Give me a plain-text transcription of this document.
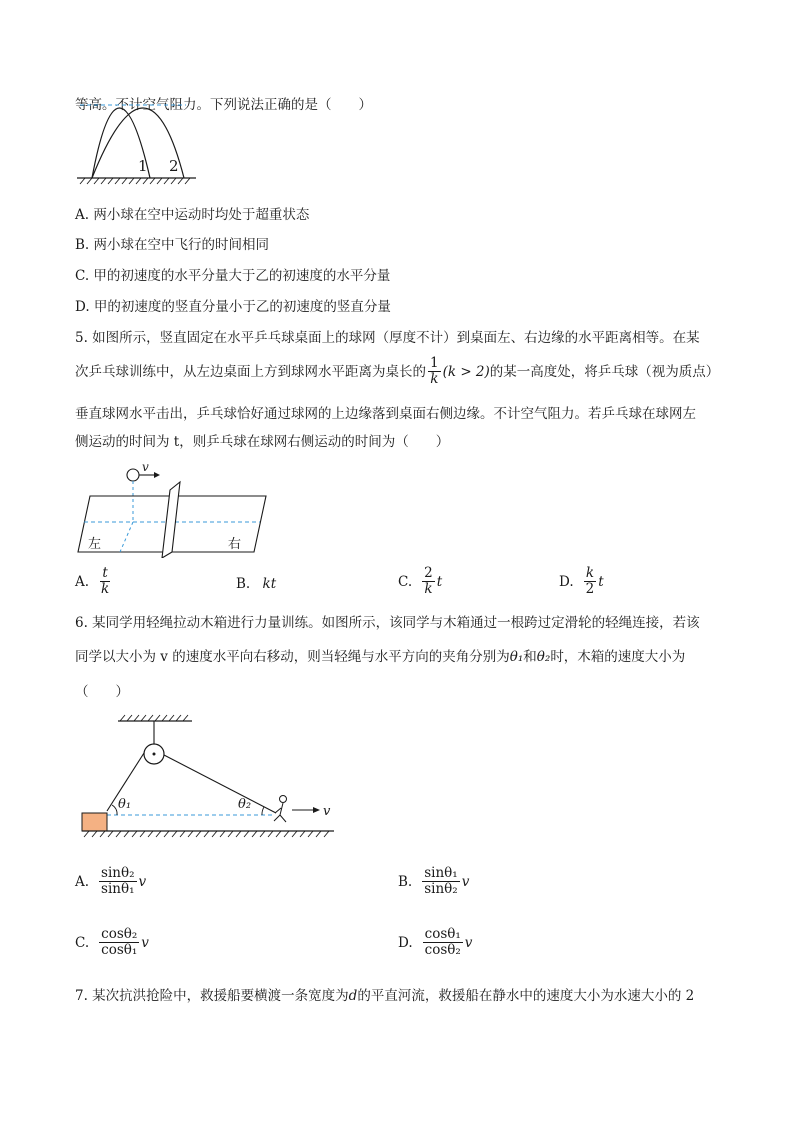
等高。不计空气阻力。下列说法正确的是（　　）
1 2
A. 两小球在空中运动时均处于超重状态
B. 两小球在空中飞行的时间相同
C. 甲的初速度的水平分量大于乙的初速度的水平分量
D. 甲的初速度的竖直分量小于乙的初速度的竖直分量
5. 如图所示，竖直固定在水平乒乓球桌面上的球网（厚度不计）到桌面左、右边缘的水平距离相等。在某
次乒乓球训练中，从左边桌面上方到球网水平距离为桌长的 $\frac{1}{k} (k > 2)$ 的某一高度处，将乒乓球（视为质点）
垂直球网水平击出，乒乓球恰好通过球网的上边缘落到桌面右侧边缘。不计空气阻力。若乒乓球在球网左
侧运动的时间为 t，则乒乓球在球网右侧运动的时间为（　　）
v
左	右
A. $\frac{t}{k}$	B. kt	C. $\frac{2}{k}$ t	D. $\frac{k}{2}$ t
6. 某同学用轻绳拉动木箱进行力量训练。如图所示，该同学与木箱通过一根跨过定滑轮的轻绳连接，若该
同学以大小为 v 的速度水平向右移动，则当轻绳与水平方向的夹角分别为θ₁和θ₂时，木箱的速度大小为
（　　）
θ₁	θ₂	v
A. $\frac{\text{sinθ₂}}{\text{sinθ₁}}$ v	B. $\frac{\text{sinθ₁}}{\text{sinθ₂}}$ v
C. $\frac{\text{cosθ₂}}{\text{cosθ₁}}$ v	D. $\frac{\text{cosθ₁}}{\text{cosθ₂}}$ v
7. 某次抗洪抢险中，救援船要横渡一条宽度为d的平直河流，救援船在静水中的速度大小为水速大小的 2
